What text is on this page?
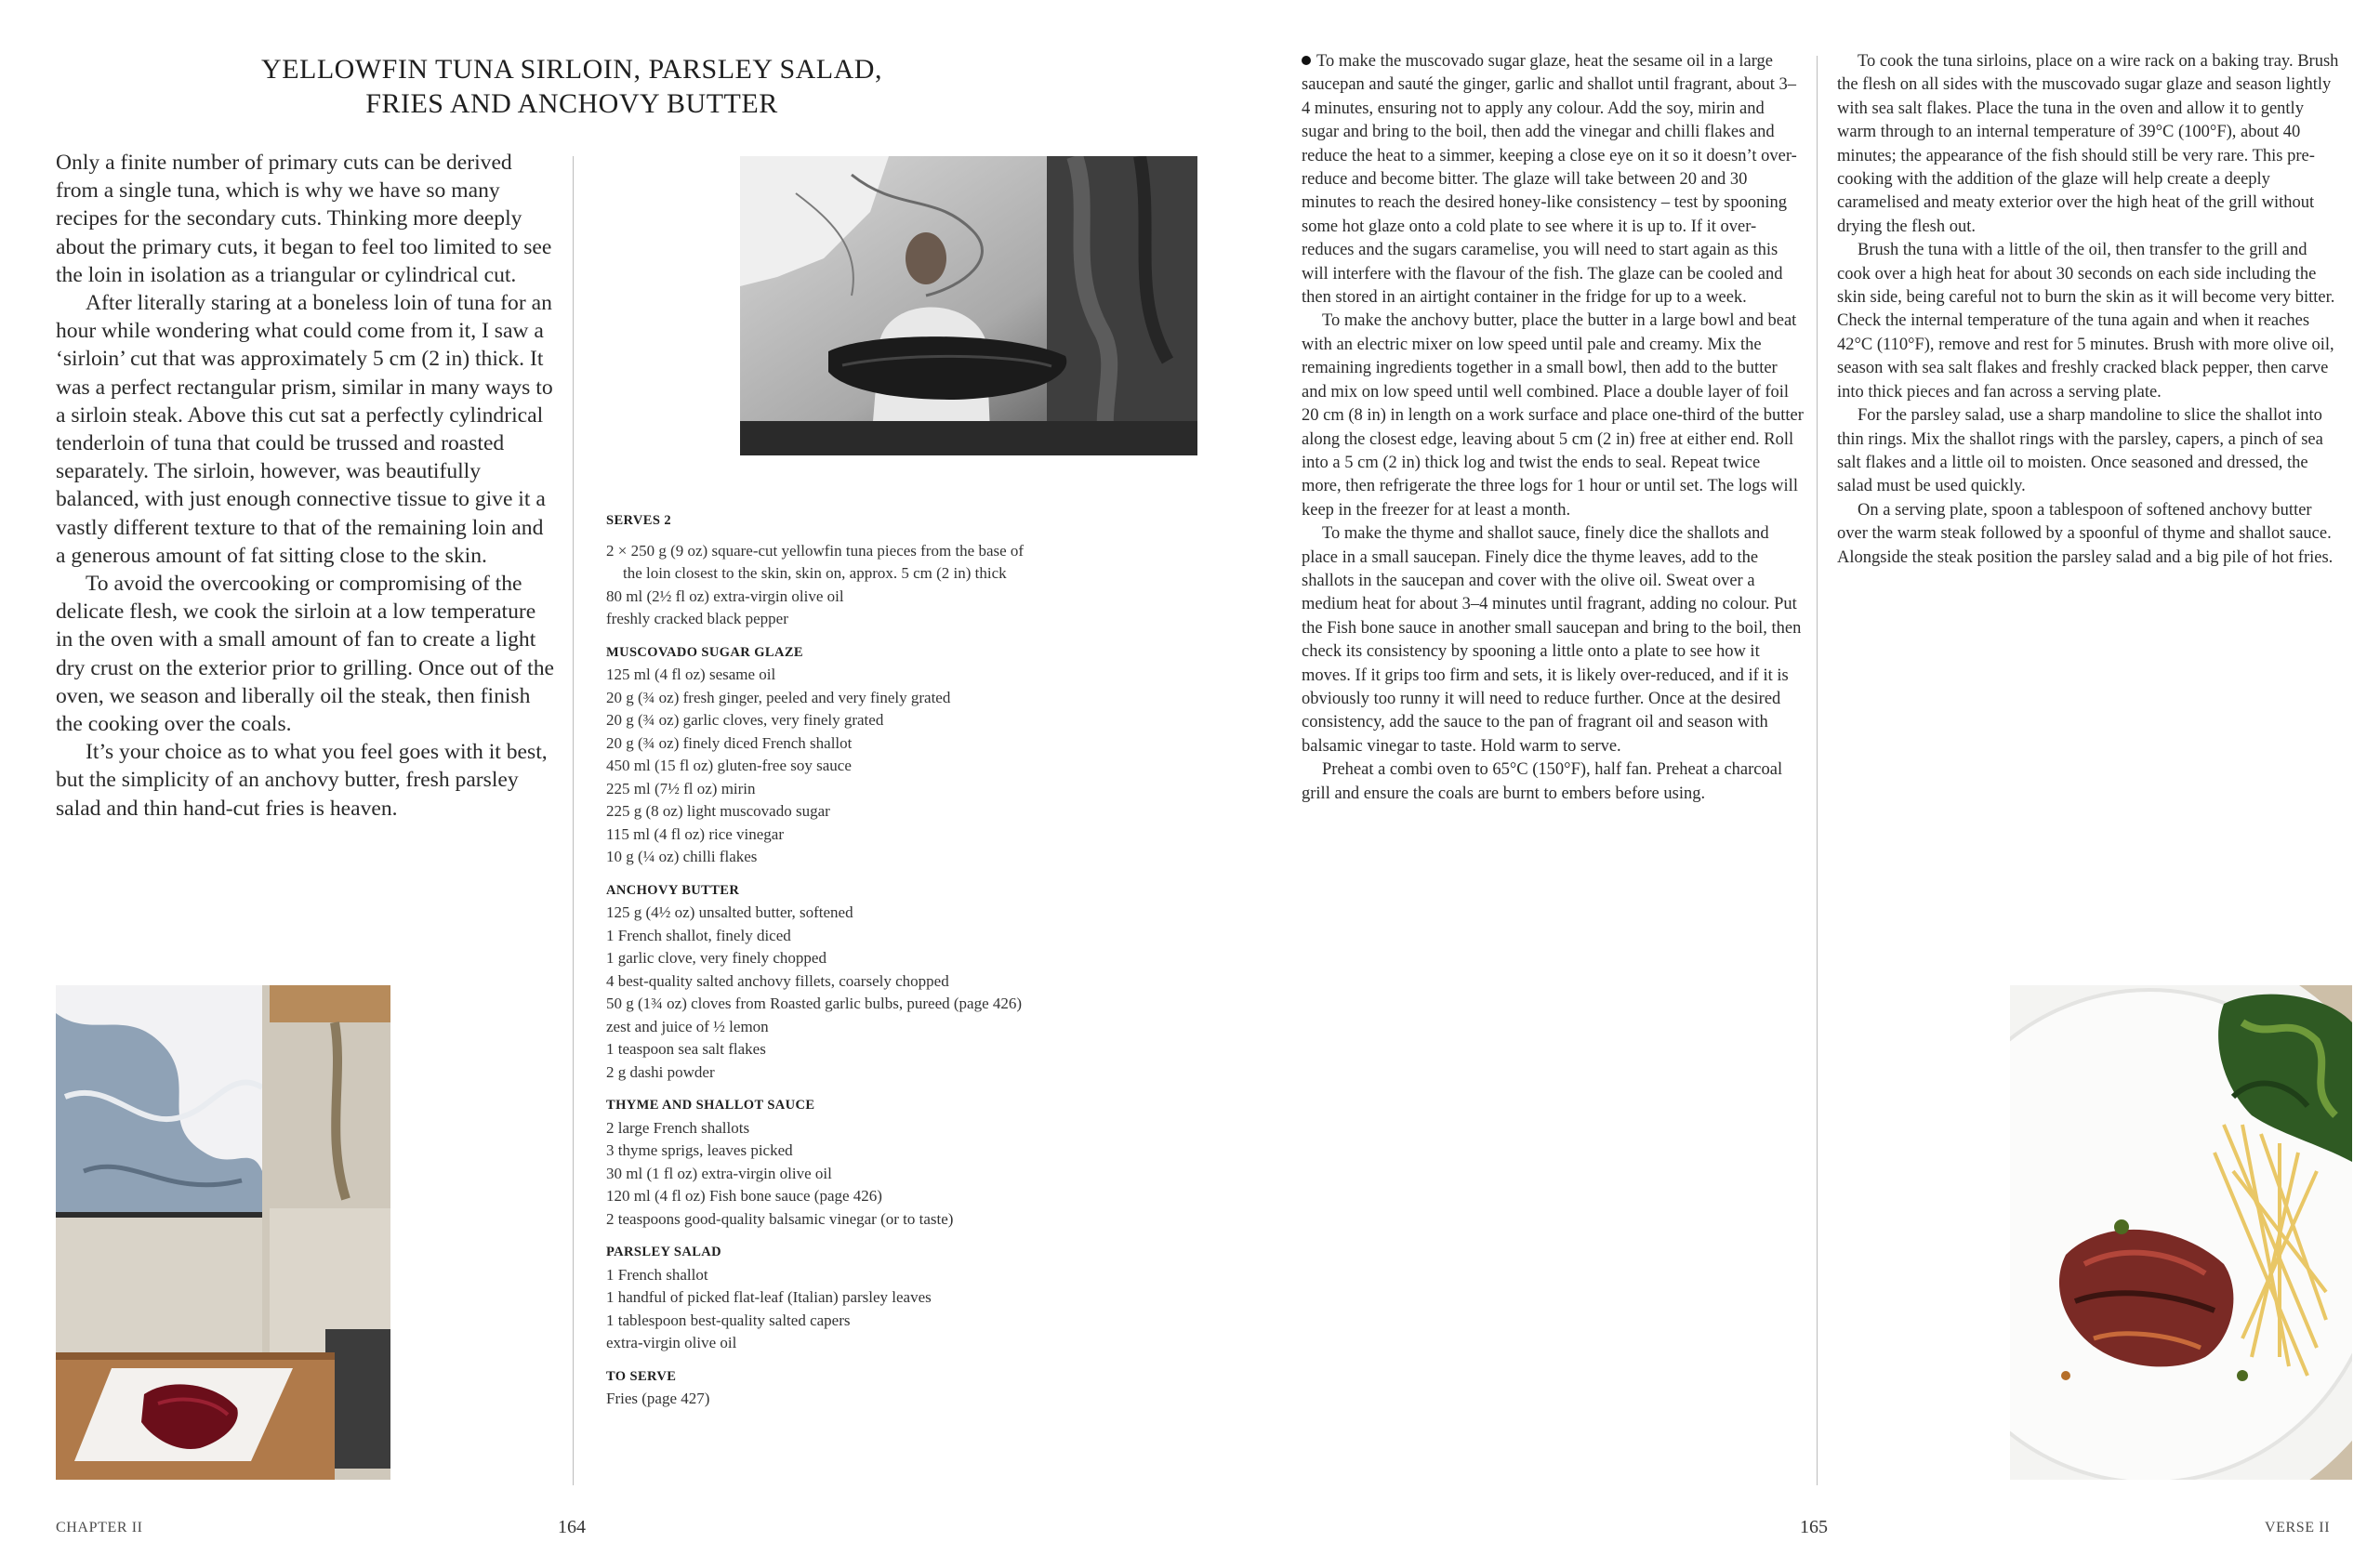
YELLOWFIN TUNA SIRLOIN, PARSLEY SALAD,
FRIES AND ANCHOVY BUTTER

Only a finite number of primary cuts can be derived from a single tuna, which is why we have so many recipes for the secondary cuts. Thinking more deeply about the primary cuts, it began to feel too limited to see the loin in isolation as a triangular or cylindrical cut.

After literally staring at a boneless loin of tuna for an hour while wondering what could come from it, I saw a ‘sirloin’ cut that was approximately 5 cm (2 in) thick. It was a perfect rectangular prism, similar in many ways to a sirloin steak. Above this cut sat a perfectly cylindrical tenderloin of tuna that could be trussed and roasted separately. The sirloin, however, was beautifully balanced, with just enough connective tissue to give it a vastly different texture to that of the remaining loin and a generous amount of fat sitting close to the skin.

To avoid the overcooking or compromising of the delicate flesh, we cook the sirloin at a low temperature in the oven with a small amount of fan to create a light dry crust on the exterior prior to grilling. Once out of the oven, we season and liberally oil the steak, then finish the cooking over the coals.

It’s your choice as to what you feel goes with it best, but the simplicity of an anchovy butter, fresh parsley salad and thin hand-cut fries is heaven.

SERVES 2
2 × 250 g (9 oz) square-cut yellowfin tuna pieces from the base of the loin closest to the skin, skin on, approx. 5 cm (2 in) thick
80 ml (2½ fl oz) extra-virgin olive oil
freshly cracked black pepper
MUSCOVADO SUGAR GLAZE
125 ml (4 fl oz) sesame oil
20 g (¾ oz) fresh ginger, peeled and very finely grated
20 g (¾ oz) garlic cloves, very finely grated
20 g (¾ oz) finely diced French shallot
450 ml (15 fl oz) gluten-free soy sauce
225 ml (7½ fl oz) mirin
225 g (8 oz) light muscovado sugar
115 ml (4 fl oz) rice vinegar
10 g (¼ oz) chilli flakes
ANCHOVY BUTTER
125 g (4½ oz) unsalted butter, softened
1 French shallot, finely diced
1 garlic clove, very finely chopped
4 best-quality salted anchovy fillets, coarsely chopped
50 g (1¾ oz) cloves from Roasted garlic bulbs, pureed (page 426)
zest and juice of ½ lemon
1 teaspoon sea salt flakes
2 g dashi powder
THYME AND SHALLOT SAUCE
2 large French shallots
3 thyme sprigs, leaves picked
30 ml (1 fl oz) extra-virgin olive oil
120 ml (4 fl oz) Fish bone sauce (page 426)
2 teaspoons good-quality balsamic vinegar (or to taste)
PARSLEY SALAD
1 French shallot
1 handful of picked flat-leaf (Italian) parsley leaves
1 tablespoon best-quality salted capers
extra-virgin olive oil
TO SERVE
Fries (page 427)

To make the muscovado sugar glaze, heat the sesame oil in a large saucepan and sauté the ginger, garlic and shallot until fragrant, about 3–4 minutes, ensuring not to apply any colour. Add the soy, mirin and sugar and bring to the boil, then add the vinegar and chilli flakes and reduce the heat to a simmer, keeping a close eye on it so it doesn’t over-reduce and become bitter. The glaze will take between 20 and 30 minutes to reach the desired honey-like consistency – test by spooning some hot glaze onto a cold plate to see where it is up to. If it over-reduces and the sugars caramelise, you will need to start again as this will interfere with the flavour of the fish. The glaze can be cooled and then stored in an airtight container in the fridge for up to a week.

To make the anchovy butter, place the butter in a large bowl and beat with an electric mixer on low speed until pale and creamy. Mix the remaining ingredients together in a small bowl, then add to the butter and mix on low speed until well combined. Place a double layer of foil 20 cm (8 in) in length on a work surface and place one-third of the butter along the closest edge, leaving about 5 cm (2 in) free at either end. Roll into a 5 cm (2 in) thick log and twist the ends to seal. Repeat twice more, then refrigerate the three logs for 1 hour or until set. The logs will keep in the freezer for at least a month.

To make the thyme and shallot sauce, finely dice the shallots and place in a small saucepan. Finely dice the thyme leaves, add to the shallots in the saucepan and cover with the olive oil. Sweat over a medium heat for about 3–4 minutes until fragrant, adding no colour. Put the Fish bone sauce in another small saucepan and bring to the boil, then check its consistency by spooning a little onto a plate to see how it moves. If it grips too firm and sets, it is likely over-reduced, and if it is obviously too runny it will need to reduce further. Once at the desired consistency, add the sauce to the pan of fragrant oil and season with balsamic vinegar to taste. Hold warm to serve.

Preheat a combi oven to 65°C (150°F), half fan. Preheat a charcoal grill and ensure the coals are burnt to embers before using.

To cook the tuna sirloins, place on a wire rack on a baking tray. Brush the flesh on all sides with the muscovado sugar glaze and season lightly with sea salt flakes. Place the tuna in the oven and allow it to gently warm through to an internal temperature of 39°C (100°F), about 40 minutes; the appearance of the fish should still be very rare. This pre-cooking with the addition of the glaze will help create a deeply caramelised and meaty exterior over the high heat of the grill without drying the flesh out.

Brush the tuna with a little of the oil, then transfer to the grill and cook over a high heat for about 30 seconds on each side including the skin side, being careful not to burn the skin as it will become very bitter. Check the internal temperature of the tuna again and when it reaches 42°C (110°F), remove and rest for 5 minutes. Brush with more olive oil, season with sea salt flakes and freshly cracked black pepper, then carve into thick pieces and fan across a serving plate.

For the parsley salad, use a sharp mandoline to slice the shallot into thin rings. Mix the shallot rings with the parsley, capers, a pinch of sea salt flakes and a little oil to moisten. Once seasoned and dressed, the salad must be used quickly.

On a serving plate, spoon a tablespoon of softened anchovy butter over the warm steak followed by a spoonful of thyme and shallot sauce. Alongside the steak position the parsley salad and a big pile of hot fries.

CHAPTER II	164	165	VERSE II
